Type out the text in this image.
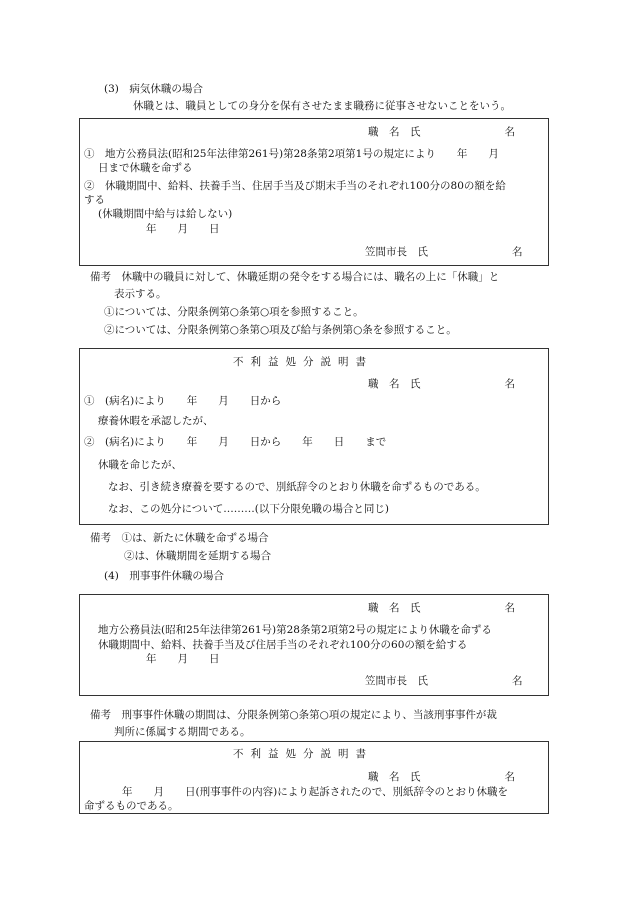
(3)　病気休職の場合
休職とは、職員としての身分を保有させたまま職務に従事させないことをいう。
職　名　氏　　　　　　　　名
①　地方公務員法(昭和25年法律第261号)第28条第2項第1号の規定により　　年　　月
日まで休職を命ずる
②　休職期間中、給料、扶養手当、住居手当及び期末手当のそれぞれ100分の80の額を給
する
(休職期間中給与は給しない)
年　　月　　日
笠間市長　氏　　　　　　　　名
備考　休職中の職員に対して、休職延期の発令をする場合には、職名の上に「休職」と
表示する。
①については、分限条例第○条第○項を参照すること。
②については、分限条例第○条第○項及び給与条例第○条を参照すること。
不利益処分説明書
職　名　氏　　　　　　　　名
①　(病名)により　　年　　月　　日から
療養休暇を承認したが、
②　(病名)により　　年　　月　　日から　　年　　日　　まで
休職を命じたが、
なお、引き続き療養を要するので、別紙辞令のとおり休職を命ずるものである。
なお、この処分について………(以下分限免職の場合と同じ)
備考　①は、新たに休職を命ずる場合
②は、休職期間を延期する場合
(4)　刑事事件休職の場合
職　名　氏　　　　　　　　名
地方公務員法(昭和25年法律第261号)第28条第2項第2号の規定により休職を命ずる
休職期間中、給料、扶養手当及び住居手当のそれぞれ100分の60の額を給する
年　　月　　日
笠間市長　氏　　　　　　　　名
備考　刑事事件休職の期間は、分限条例第○条第○項の規定により、当該刑事事件が裁
判所に係属する期間である。
不利益処分説明書
職　名　氏　　　　　　　　名
年　　月　　日(刑事事件の内容)により起訴されたので、別紙辞令のとおり休職を
命ずるものである。
